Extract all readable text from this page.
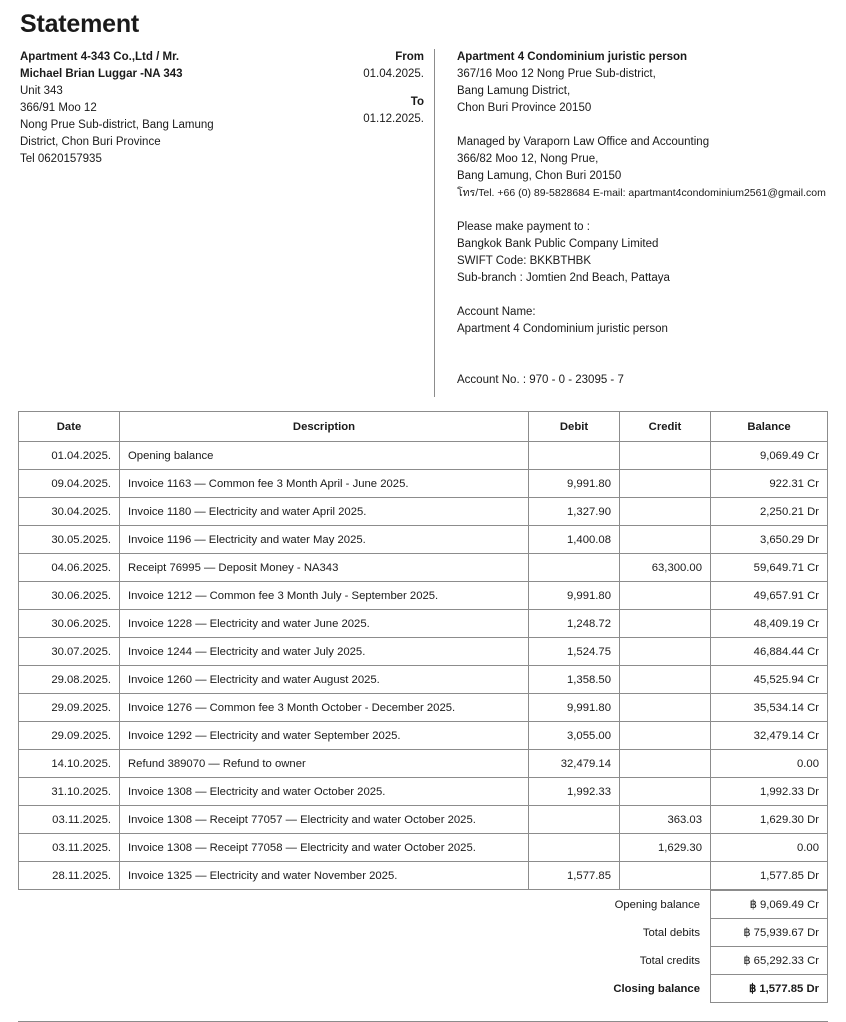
Statement
Apartment 4-343 Co.,Ltd / Mr.
Michael Brian Luggar -NA 343
Unit 343
366/91 Moo 12
Nong Prue Sub-district, Bang Lamung
District, Chon Buri Province
Tel 0620157935
From
01.04.2025.
To
01.12.2025.
Apartment 4 Condominium juristic person
367/16 Moo 12 Nong Prue Sub-district,
Bang Lamung District,
Chon Buri Province 20150
Managed by Varaporn Law Office and Accounting
366/82 Moo 12, Nong Prue,
Bang Lamung, Chon Buri 20150
โทร/Tel. +66 (0) 89-5828684 E-mail: apartmant4condominium2561@gmail.com
Please make payment to :
Bangkok Bank Public Company Limited
SWIFT Code: BKKBTHBK
Sub-branch : Jomtien 2nd Beach, Pattaya
Account Name:
Apartment 4 Condominium juristic person
Account No. : 970 - 0 - 23095 - 7
Date	Description	Debit	Credit	Balance
01.04.2025.	Opening balance			9,069.49 Cr
09.04.2025.	Invoice 1163 — Common fee 3 Month April - June 2025.	9,991.80		922.31 Cr
30.04.2025.	Invoice 1180 — Electricity and water April 2025.	1,327.90		2,250.21 Dr
30.05.2025.	Invoice 1196 — Electricity and water May 2025.	1,400.08		3,650.29 Dr
04.06.2025.	Receipt 76995 — Deposit Money - NA343		63,300.00	59,649.71 Cr
30.06.2025.	Invoice 1212 — Common fee 3 Month July - September 2025.	9,991.80		49,657.91 Cr
30.06.2025.	Invoice 1228 — Electricity and water June 2025.	1,248.72		48,409.19 Cr
30.07.2025.	Invoice 1244 — Electricity and water July 2025.	1,524.75		46,884.44 Cr
29.08.2025.	Invoice 1260 — Electricity and water August 2025.	1,358.50		45,525.94 Cr
29.09.2025.	Invoice 1276 — Common fee 3 Month October - December 2025.	9,991.80		35,534.14 Cr
29.09.2025.	Invoice 1292 — Electricity and water September 2025.	3,055.00		32,479.14 Cr
14.10.2025.	Refund 389070 — Refund to owner	32,479.14		0.00
31.10.2025.	Invoice 1308 — Electricity and water October 2025.	1,992.33		1,992.33 Dr
03.11.2025.	Invoice 1308 — Receipt 77057 — Electricity and water October 2025.		363.03	1,629.30 Dr
03.11.2025.	Invoice 1308 — Receipt 77058 — Electricity and water October 2025.		1,629.30	0.00
28.11.2025.	Invoice 1325 — Electricity and water November 2025.	1,577.85		1,577.85 Dr
Opening balance	฿ 9,069.49 Cr
Total debits	฿ 75,939.67 Dr
Total credits	฿ 65,292.33 Cr
Closing balance	฿ 1,577.85 Dr
